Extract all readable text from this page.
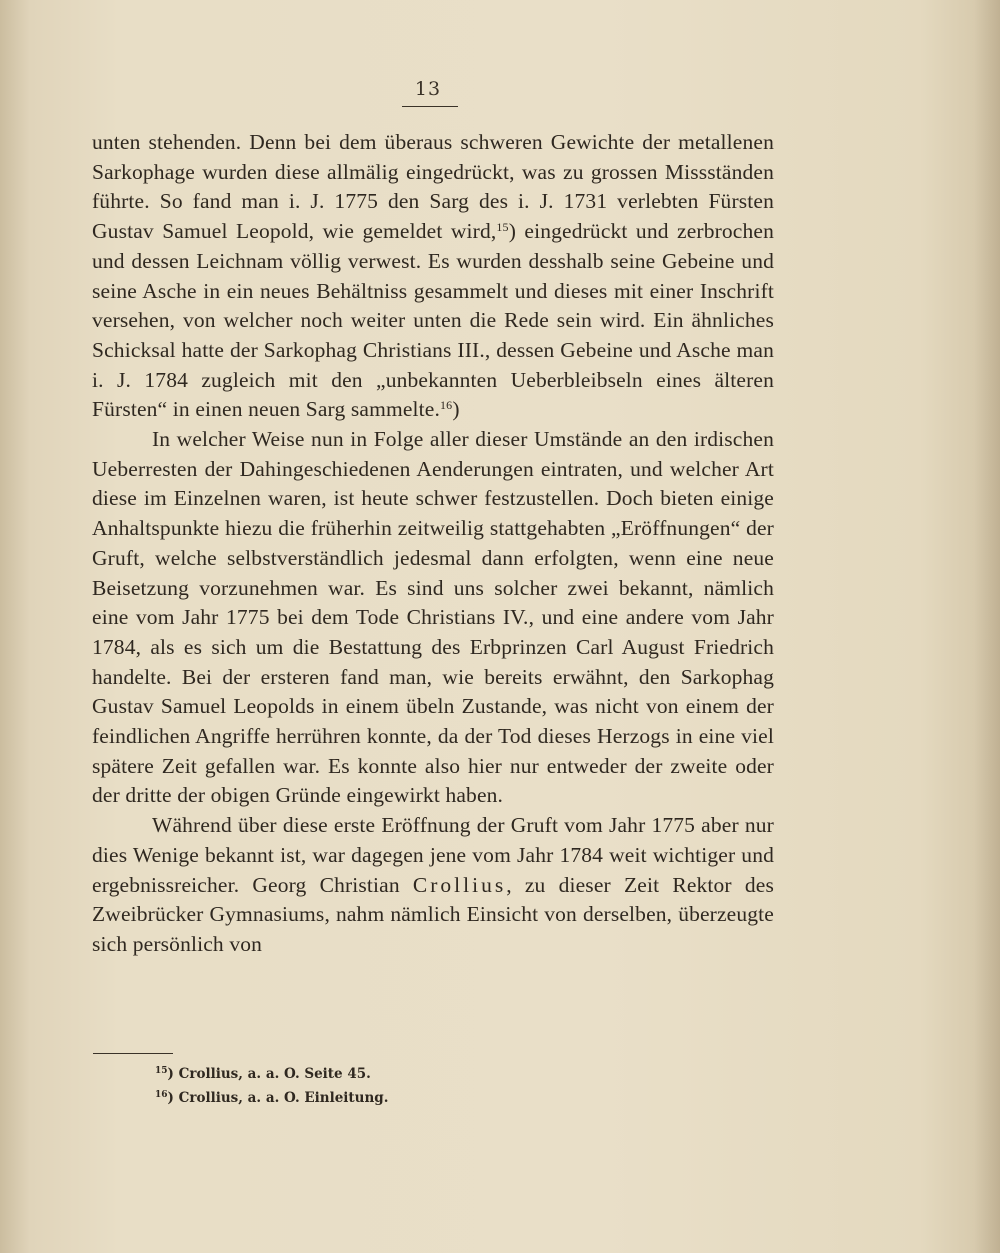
13

unten stehenden. Denn bei dem überaus schweren Gewichte der metallenen Sarkophage wurden diese allmälig eingedrückt, was zu grossen Missständen führte. So fand man i. J. 1775 den Sarg des i. J. 1731 verlebten Fürsten Gustav Samuel Leopold, wie gemeldet wird,$^{15}$) eingedrückt und zerbrochen und dessen Leichnam völlig verwest. Es wurden desshalb seine Gebeine und seine Asche in ein neues Behältniss gesammelt und dieses mit einer Inschrift versehen, von welcher noch weiter unten die Rede sein wird. Ein ähnliches Schicksal hatte der Sarkophag Christians III., dessen Gebeine und Asche man i. J. 1784 zugleich mit den „unbekannten Ueberbleibseln eines älteren Fürsten“ in einen neuen Sarg sammelte.$^{16}$)

In welcher Weise nun in Folge aller dieser Umstände an den irdischen Ueberresten der Dahingeschiedenen Aenderungen eintraten, und welcher Art diese im Einzelnen waren, ist heute schwer festzustellen. Doch bieten einige Anhaltspunkte hiezu die früherhin zeitweilig stattgehabten „Eröffnungen“ der Gruft, welche selbstverständlich jedesmal dann erfolgten, wenn eine neue Beisetzung vorzunehmen war. Es sind uns solcher zwei bekannt, nämlich eine vom Jahr 1775 bei dem Tode Christians IV., und eine andere vom Jahr 1784, als es sich um die Bestattung des Erbprinzen Carl August Friedrich handelte. Bei der ersteren fand man, wie bereits erwähnt, den Sarkophag Gustav Samuel Leopolds in einem übeln Zustande, was nicht von einem der feindlichen Angriffe herrühren konnte, da der Tod dieses Herzogs in eine viel spätere Zeit gefallen war. Es konnte also hier nur entweder der zweite oder der dritte der obigen Gründe eingewirkt haben.

Während über diese erste Eröffnung der Gruft vom Jahr 1775 aber nur dies Wenige bekannt ist, war dagegen jene vom Jahr 1784 weit wichtiger und ergebnissreicher. Georg Christian Crollius, zu dieser Zeit Rektor des Zweibrücker Gymnasiums, nahm nämlich Einsicht von derselben, überzeugte sich persönlich von

$^{15}$) Crollius, a. a. O. Seite 45.

$^{16}$) Crollius, a. a. O. Einleitung.
